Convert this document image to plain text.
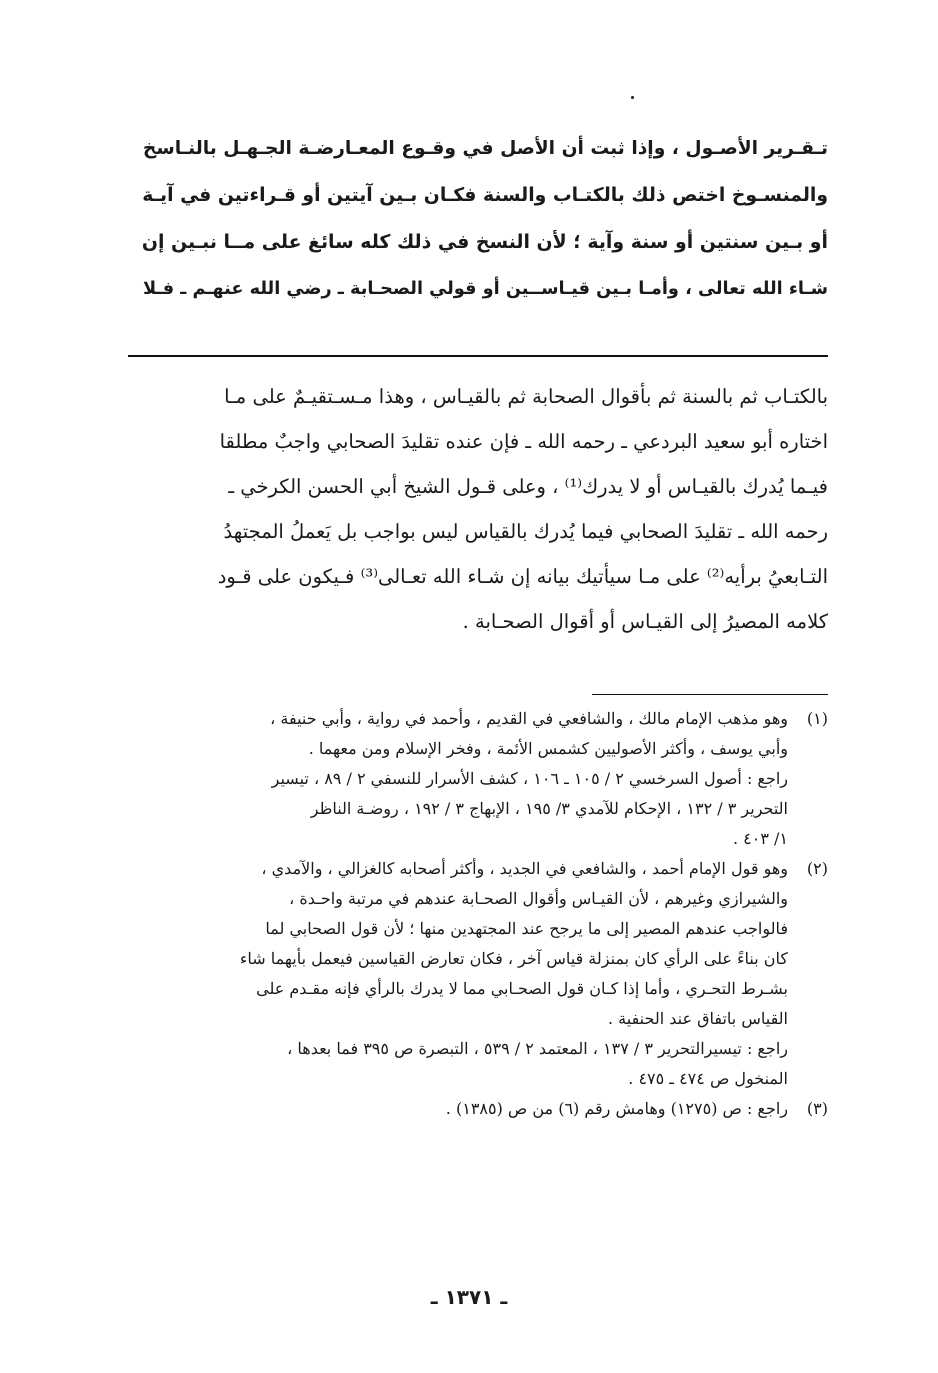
تـقـرير الأصـول ، وإذا ثبت أن الأصل في وقـوع المعـارضـة الجـهـل بالنـاسخ
والمنسـوخ اختص ذلك بالكتـاب والسنة فكـان بـين آيتين أو قـراءتين في آيـة
أو بـين سنتين أو سنة وآية ؛ لأن النسخ في ذلك كله سائغ على مــا نبـين إن
شـاء الله تعالى ، وأمـا بـين قيـاســين أو قولي الصحـابة ـ رضي الله عنهـم ـ فـلا
بالكتـاب ثم بالسنة ثم بأقوال الصحابة ثم بالقيـاس ، وهذا مـسـتقيـمٌ على مـا
اختاره أبو سعيد البردعي ـ رحمه الله ـ فإن عنده تقليدَ الصحابي واجبٌ مطلقا
فيـما يُدرك بالقيـاس أو لا يدرك⁽¹⁾ ، وعلى قـول الشيخ أبي الحسن الكرخي ـ
رحمه الله ـ تقليدَ الصحابي فيما يُدرك بالقياس ليس بواجب بل يَعملُ المجتهدُ
التـابعيُ برأيه⁽²⁾ على مـا سيأتيك بيانه إن شـاء الله تعـالى⁽³⁾ فـيكون على قـود
كلامه المصيرُ إلى القيـاس أو أقوال الصحـابة .
(١)
وهو مذهب الإمام مالك ، والشافعي في القديم ، وأحمد في رواية ، وأبي حنيفة ،
وأبي يوسف ، وأكثر الأصوليين كشمس الأئمة ، وفخر الإسلام ومن معهما .
راجع : أصول السرخسي ٢ / ١٠٥ ـ ١٠٦ ، كشف الأسرار للنسفي ٢ / ٨٩ ، تيسير
التحرير ٣ / ١٣٢ ، الإحكام للآمدي ٣/ ١٩٥ ، الإبهاج ٣ / ١٩٢ ، روضـة الناظر
١/ ٤٠٣ .
(٢)
وهو قول الإمام أحمد ، والشافعي في الجديد ، وأكثر أصحابه كالغزالي ، والآمدي ،
والشيرازي وغيرهم ، لأن القيـاس وأقوال الصحـابة عندهم في مرتبة واحـدة ،
فالواجب عندهم المصير إلى ما يرجح عند المجتهدين منها ؛ لأن قول الصحابي لما
كان بناءً على الرأي كان بمنزلة قياس آخر ، فكان تعارض القياسين فيعمل بأيهما شاء
بشـرط التحـري ، وأما إذا كـان قول الصحـابي مما لا يدرك بالرأي فإنه مقـدم على
القياس باتفاق عند الحنفية .
راجع : تيسيرالتحرير ٣ / ١٣٧ ، المعتمد ٢ / ٥٣٩ ، التبصرة ص ٣٩٥ فما بعدها ،
المنخول ص ٤٧٤ ـ ٤٧٥ .
(٣)
راجع : ص (١٢٧٥) وهامش رقم (٦) من ص (١٣٨٥) .
ـ ١٣٧١ ـ
